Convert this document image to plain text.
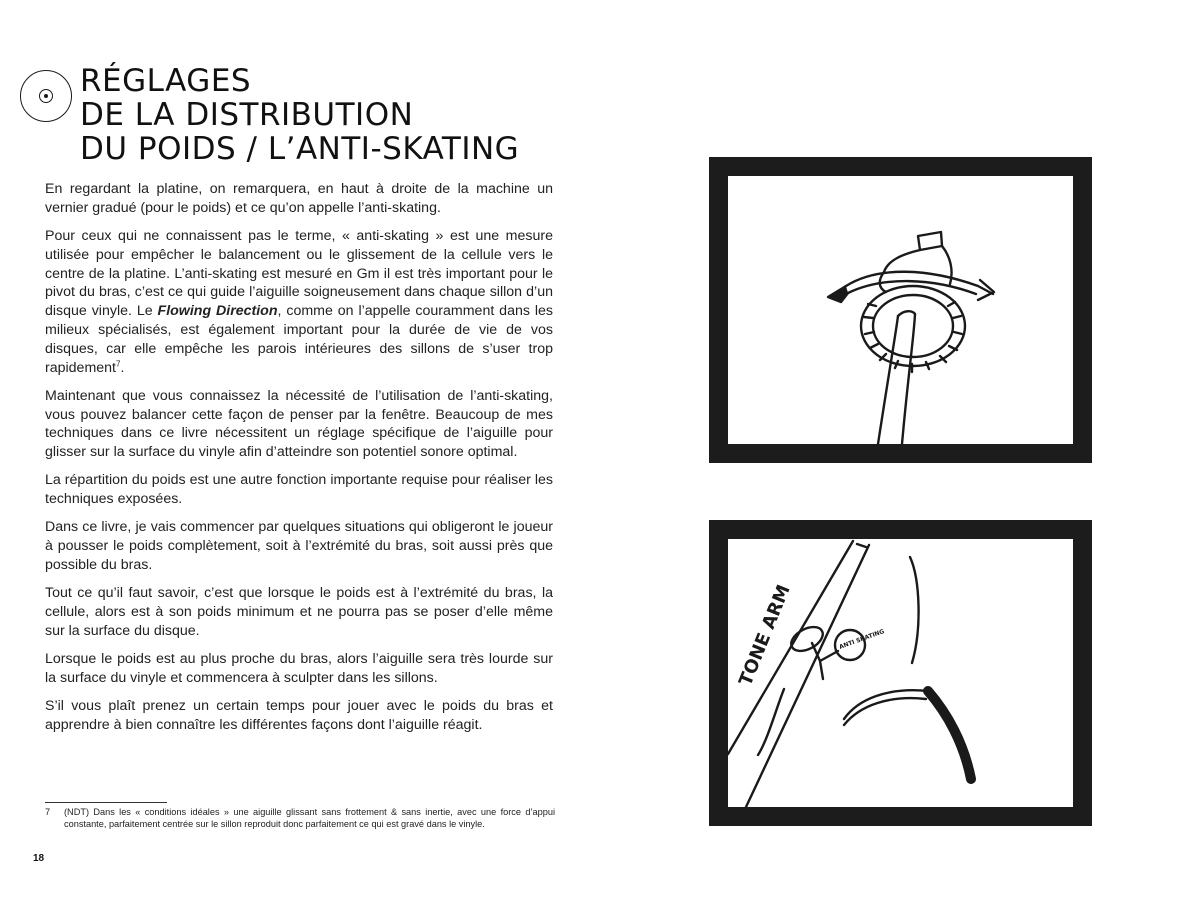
RÉGLAGES
DE LA DISTRIBUTION
DU POIDS / L’ANTI-SKATING

En regardant la platine, on remarquera, en haut à droite de la machine un vernier gradué (pour le poids) et ce qu’on appelle l’anti-skating.

Pour ceux qui ne connaissent pas le terme, « anti-skating » est une mesure utilisée pour empêcher le balancement ou le glissement de la cellule vers le centre de la platine. L’anti-skating est mesuré en Gm il est très important pour le pivot du bras, c’est ce qui guide l’aiguille soigneusement dans chaque sillon d’un disque vinyle. Le Flowing Direction, comme on l’appelle couramment dans les milieux spécialisés, est également important pour la durée de vie de vos disques, car elle empêche les parois intérieures des sillons de s’user trop rapidement$^7$.

Maintenant que vous connaissez la nécessité de l’utilisation de l’anti-skating, vous pouvez balancer cette façon de penser par la fenêtre. Beaucoup de mes techniques dans ce livre nécessitent un réglage spécifique de l’aiguille pour glisser sur la surface du vinyle afin d’atteindre son potentiel sonore optimal.

La répartition du poids est une autre fonction importante requise pour réaliser les techniques exposées.

Dans ce livre, je vais commencer par quelques situations qui obligeront le joueur à pousser le poids complètement, soit à l’extrémité du bras, soit aussi près que possible du bras.

Tout ce qu’il faut savoir, c’est que lorsque le poids est à l’extrémité du bras, la cellule, alors est à son poids minimum et ne pourra pas se poser d’elle même sur la surface du disque.

Lorsque le poids est au plus proche du bras, alors l’aiguille sera très lourde sur la surface du vinyle et commencera à sculpter dans les sillons.

S’il vous plaît prenez un certain temps pour jouer avec le poids du bras et apprendre à bien connaître les différentes façons dont l’aiguille réagit.

7	(NDT) Dans les « conditions idéales » une aiguille glissant sans frottement & sans inertie, avec une force d’appui constante, parfaitement centrée sur le sillon reproduit donc parfaitement ce qui est gravé dans le vinyle.
18
TONE ARM	ANTI SKATING
